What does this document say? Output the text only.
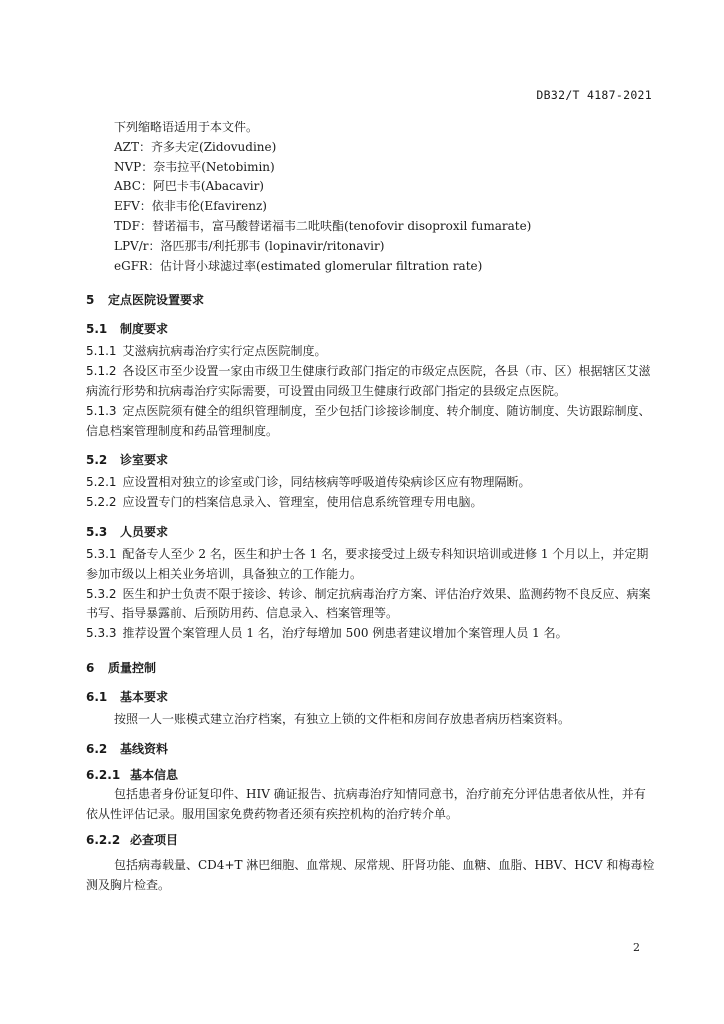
DB32/T 4187-2021

下列缩略语适用于本文件。

AZT：齐多夫定(Zidovudine)

NVP：奈韦拉平(Netobimin)

ABC：阿巴卡韦(Abacavir)

EFV：依非韦伦(Efavirenz)

TDF：替诺福韦，富马酸替诺福韦二吡呋酯(tenofovir disoproxil fumarate)

LPV/r：洛匹那韦/利托那韦 (lopinavir/ritonavir)

eGFR：估计肾小球滤过率(estimated glomerular filtration rate)

5 定点医院设置要求
5.1 制度要求

5.1.1 艾滋病抗病毒治疗实行定点医院制度。

5.1.2 各设区市至少设置一家由市级卫生健康行政部门指定的市级定点医院，各县（市、区）根据辖区艾滋病流行形势和抗病毒治疗实际需要，可设置由同级卫生健康行政部门指定的县级定点医院。

5.1.3 定点医院须有健全的组织管理制度，至少包括门诊接诊制度、转介制度、随访制度、失访跟踪制度、信息档案管理制度和药品管理制度。

5.2 诊室要求

5.2.1 应设置相对独立的诊室或门诊，同结核病等呼吸道传染病诊区应有物理隔断。

5.2.2 应设置专门的档案信息录入、管理室，使用信息系统管理专用电脑。

5.3 人员要求

5.3.1 配备专人至少 2 名，医生和护士各 1 名，要求接受过上级专科知识培训或进修 1 个月以上，并定期参加市级以上相关业务培训，具备独立的工作能力。

5.3.2 医生和护士负责不限于接诊、转诊、制定抗病毒治疗方案、评估治疗效果、监测药物不良反应、病案书写、指导暴露前、后预防用药、信息录入、档案管理等。

5.3.3 推荐设置个案管理人员 1 名，治疗每增加 500 例患者建议增加个案管理人员 1 名。

6 质量控制
6.1 基本要求

按照一人一账模式建立治疗档案，有独立上锁的文件柜和房间存放患者病历档案资料。

6.2 基线资料
6.2.1 基本信息

包括患者身份证复印件、HIV 确证报告、抗病毒治疗知情同意书，治疗前充分评估患者依从性，并有依从性评估记录。服用国家免费药物者还须有疾控机构的治疗转介单。

6.2.2 必查项目

包括病毒载量、CD4+T 淋巴细胞、血常规、尿常规、肝肾功能、血糖、血脂、HBV、HCV 和梅毒检测及胸片检查。

2
